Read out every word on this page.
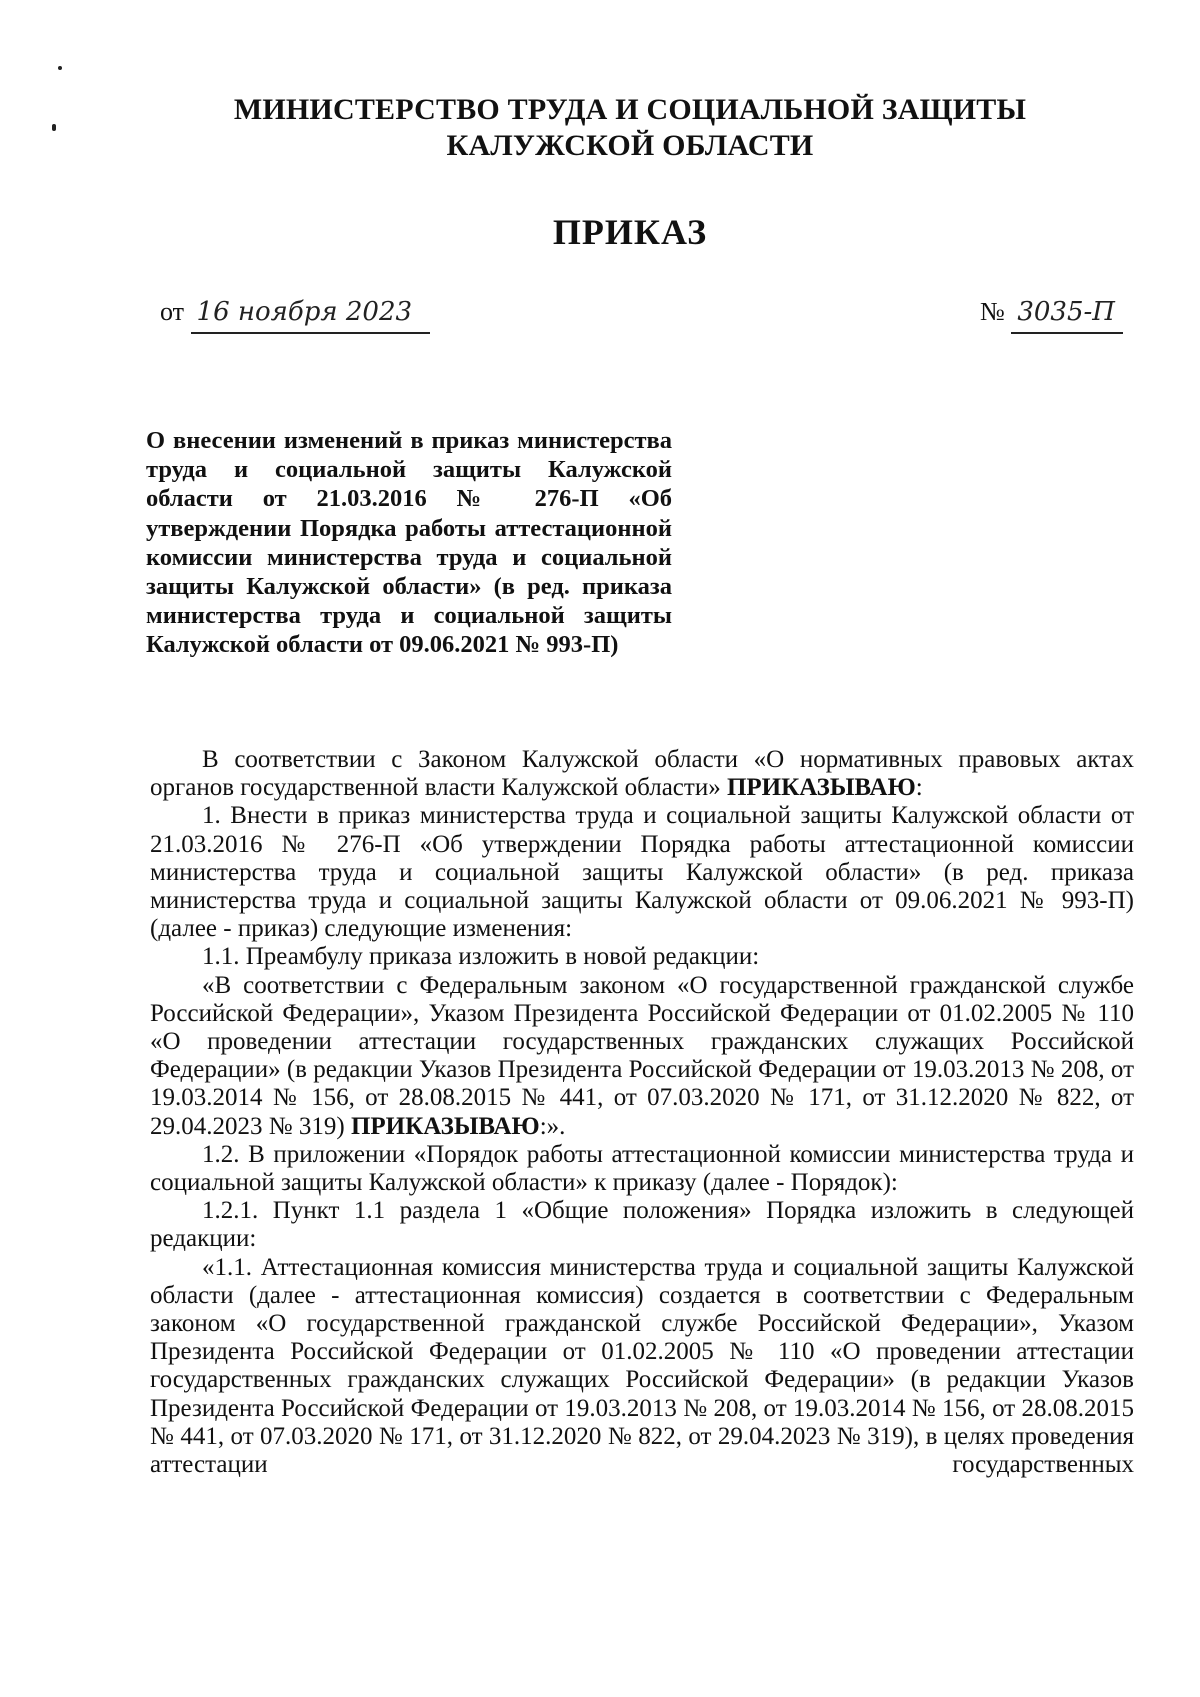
МИНИСТЕРСТВО ТРУДА И СОЦИАЛЬНОЙ ЗАЩИТЫ
КАЛУЖСКОЙ ОБЛАСТИ
ПРИКАЗ
от 16 ноября 2023	№ 3035-П
О внесении изменений в приказ министерства труда и социальной защиты Калужской области от 21.03.2016 № 276-П «Об утверждении Порядка работы аттестационной комиссии министерства труда и социальной защиты Калужской области» (в ред. приказа министерства труда и социальной защиты Калужской области от 09.06.2021 № 993-П)

В соответствии с Законом Калужской области «О нормативных правовых актах органов государственной власти Калужской области» ПРИКАЗЫВАЮ:

1. Внести в приказ министерства труда и социальной защиты Калужской области от 21.03.2016 № 276-П «Об утверждении Порядка работы аттестационной комиссии министерства труда и социальной защиты Калужской области» (в ред. приказа министерства труда и социальной защиты Калужской области от 09.06.2021 № 993-П) (далее - приказ) следующие изменения:

1.1. Преамбулу приказа изложить в новой редакции:

«В соответствии с Федеральным законом «О государственной гражданской службе Российской Федерации», Указом Президента Российской Федерации от 01.02.2005 № 110 «О проведении аттестации государственных гражданских служащих Российской Федерации» (в редакции Указов Президента Российской Федерации от 19.03.2013 № 208, от 19.03.2014 № 156, от 28.08.2015 № 441, от 07.03.2020 № 171, от 31.12.2020 № 822, от 29.04.2023 № 319) ПРИКАЗЫВАЮ:».

1.2. В приложении «Порядок работы аттестационной комиссии министерства труда и социальной защиты Калужской области» к приказу (далее - Порядок):

1.2.1. Пункт 1.1 раздела 1 «Общие положения» Порядка изложить в следующей редакции:

«1.1. Аттестационная комиссия министерства труда и социальной защиты Калужской области (далее - аттестационная комиссия) создается в соответствии с Федеральным законом «О государственной гражданской службе Российской Федерации», Указом Президента Российской Федерации от 01.02.2005 № 110 «О проведении аттестации государственных гражданских служащих Российской Федерации» (в редакции Указов Президента Российской Федерации от 19.03.2013 № 208, от 19.03.2014 № 156, от 28.08.2015 № 441, от 07.03.2020 № 171, от 31.12.2020 № 822, от 29.04.2023 № 319), в целях проведения аттестации государственных
